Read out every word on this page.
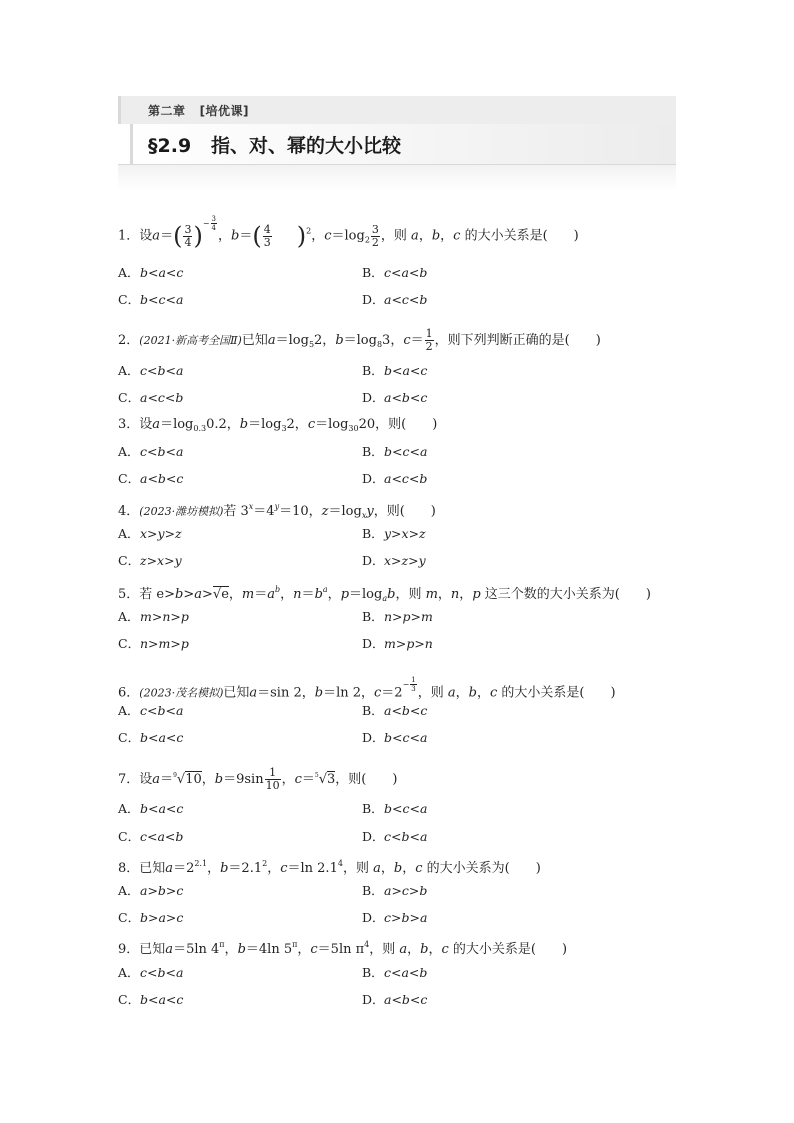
第二章 [培优课]
§2.9 指、对、幂的大小比较
1．设$a=( \frac{3}{4} )^{- \frac{3}{4}}$
，$b=( \frac{4}{3} )^2$，$c=\log_2 \frac{3}{2}$ ，则 a，b，c 的大小关系是(　　)
A．b<a<c	B．c<a<b
C．b<c<a	D．a<c<b
2．(2021·新高考全国Ⅱ)已知$a=\log_52$，$b=\log_83$，$c= \frac{1}{2}$ ，则下列判断正确的是(　　)
A．c<b<a	B．b<a<c
C．a<c<b	D．a<b<c
3．设$a=\log_{0.3}0.2$，$b=\log_32$，$c=\log_{30}20$，则(　　)
A．c<b<a	B．b<c<a
C．a<b<c	D．a<c<b
4．(2023·潍坊模拟)若 $3^x=4^y=10$，$z=\log_xy$，则(　　)
A．x>y>z	B．y>x>z
C．z>x>y	D．x>z>y
5．若 e>b>a>√e，$m=a^b$，$n=b^a$，$p=\log_ab$，则 m，n，p 这三个数的大小关系为(　　)
A．m>n>p	B．n>p>m
C．n>m>p	D．m>p>n
6．(2023·茂名模拟)已知a＝sin 2，b＝ln 2，$c=2^{- \frac{1}{3}}$ ，则 a，b，c 的大小关系是(　　)
A．c<b<a	B．a<b<c
C．b<a<c	D．b<c<a
7．设a＝$^9$√10，$b=9\sin \frac{1}{10}$ ，c＝$^5$√3，则(　　)
A．b<a<c	B．b<c<a
C．c<a<b	D．c<b<a
8．已知$a=2^{2.1}$，$b=2.1^2$，c＝ln $2.1^4$，则 a，b，c 的大小关系为(　　)
A．a>b>c	B．a>c>b
C．b>a>c	D．c>b>a
9．已知a＝5ln $4^\pi$，b＝4ln $5^\pi$，c＝5ln $\pi^4$，则 a，b，c 的大小关系是(　　)
A．c<b<a	B．c<a<b
C．b<a<c	D．a<b<c
